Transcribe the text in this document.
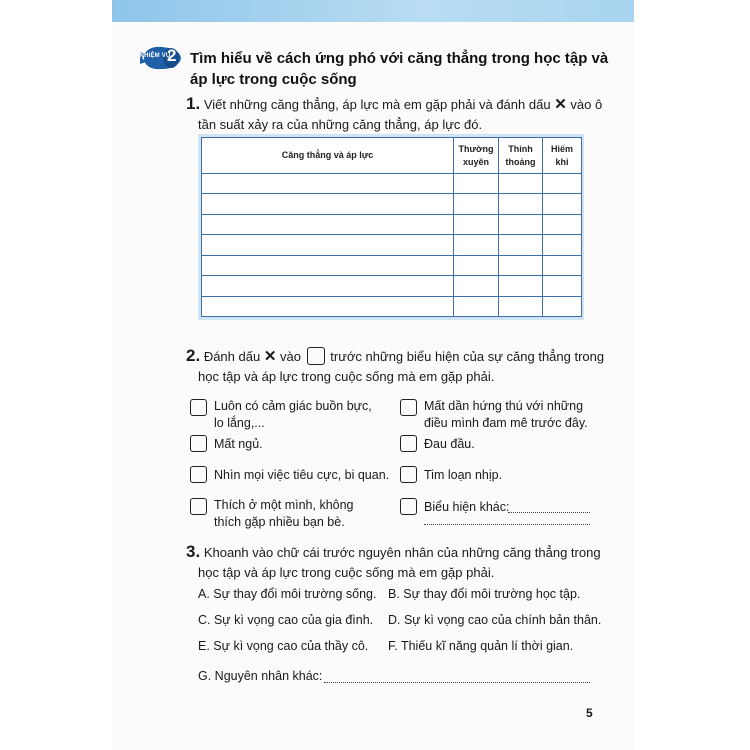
NHIỆM VỤ
2 Tìm hiểu về cách ứng phó với căng thẳng trong học tập và áp lực trong cuộc sống
1. Viết những căng thẳng, áp lực mà em gặp phải và đánh dấu ✕ vào ô
tần suất xảy ra của những căng thẳng, áp lực đó.
Căng thẳng và áp lực	Thường xuyên	Thỉnh thoảng	Hiếm khi

2. Đánh dấu ✕ vào trước những biểu hiện của sự căng thẳng trong
học tập và áp lực trong cuộc sống mà em gặp phải.
Luôn có cảm giác buồn bực,
lo lắng,...
Mất dần hứng thú với những
điều mình đam mê trước đây.
Mất ngủ.	Đau đầu.
Nhìn mọi việc tiêu cực, bi quan.	Tim loạn nhịp.
Thích ở một mình, không
thích gặp nhiều bạn bè.
Biểu hiện khác:
3. Khoanh vào chữ cái trước nguyên nhân của những căng thẳng trong
học tập và áp lực trong cuộc sống mà em gặp phải.
A. Sự thay đổi môi trường sống. B. Sự thay đổi môi trường học tập.
C. Sự kì vọng cao của gia đình. D. Sự kì vọng cao của chính bản thân.
E. Sự kì vọng cao của thầy cô. F. Thiếu kĩ năng quản lí thời gian.
G. Nguyên nhân khác:
5
